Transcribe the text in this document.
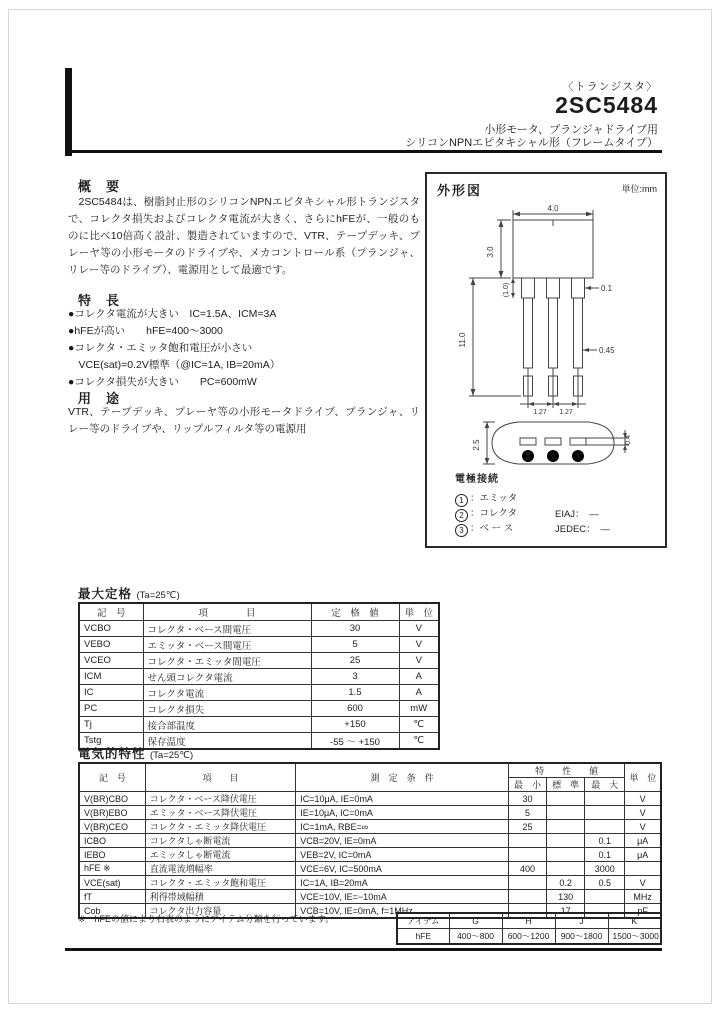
〈トランジスタ〉
2SC5484
小形モータ、プランジャドライブ用
シリコンNPNエピタキシャル形（フレームタイプ）
概　要
2SC5484は、樹脂封止形のシリコンNPNエピタキシャル形トランジスタで、コレクタ損失およびコレクタ電流が大きく、さらにhFEが、一般のものに比べ10倍高く設計、製造されていますので、VTR、テープデッキ、プレーヤ等の小形モータのドライブや、メカコントロール系（プランジャ、リレー等のドライブ）、電源用として最適です。
特　長
●コレクタ電流が大きい　IC=1.5A、ICM=3A
●hFEが高い　　hFE=400～3000
●コレクタ・エミッタ飽和電圧が小さい
　VCE(sat)=0.2V標準（@IC=1A, IB=20mA）
●コレクタ損失が大きい　　PC=600mW
用　途
VTR、テープデッキ、プレーヤ等の小形モータドライブ、プランジャ、リレー等のドライブや、リップルフィルタ等の電源用
外形図	単位:mm
4.0
3.0
(1.0)
11.0
0.1
0.45
1.27 1.27
1	2	3
2.5	0.4
電極接続
1 ：エミッタ
2 ：コレクタ
3 ：ベ ー ス
EIAJ：　―
JEDEC：　―
最大定格 (Ta=25℃)
記　号	項　　　　目	定　格　値	単　位
VCBO	コレクタ・ベース間電圧	30	V
VEBO	エミッタ・ベース間電圧	5	V
VCEO	コレクタ・エミッタ間電圧	25	V
ICM	せん頭コレクタ電流	3	A
IC	コレクタ電流	1.5	A
PC	コレクタ損失	600	mW
Tj	接合部温度	+150	℃
Tstg	保存温度	-55 ～ +150	℃
電気的特性 (Ta=25℃)
記　号	項　　目	測　定　条　件	特　　性　　値			単　位
			最　小	標　準	最　大	
V(BR)CBO	コレクタ・ベース降伏電圧	IC=10μA, IE=0mA	30			V
V(BR)EBO	エミッタ・ベース降伏電圧	IE=10μA, IC=0mA	5			V
V(BR)CEO	コレクタ・エミッタ降伏電圧	IC=1mA, RBE=∞	25			V
ICBO	コレクタしゃ断電流	VCB=20V, IE=0mA			0.1	μA
IEBO	エミッタしゃ断電流	VEB=2V, IC=0mA			0.1	μA
hFE ※	直流電流増幅率	VCE=6V, IC=500mA	400		3000	
VCE(sat)	コレクタ・エミッタ飽和電圧	IC=1A, IB=20mA		0.2	0.5	V
fT	利得帯域幅積	VCE=10V, IE=−10mA		130		MHz
Cob	コレクタ出力容量	VCB=10V, IE=0mA, f=1MHz		17		pF
※　hFEの値により右表のようにアイテム分類を行っています。	アイテム	G	H	J	K
hFE	400～800	600～1200	900～1800	1500～3000
